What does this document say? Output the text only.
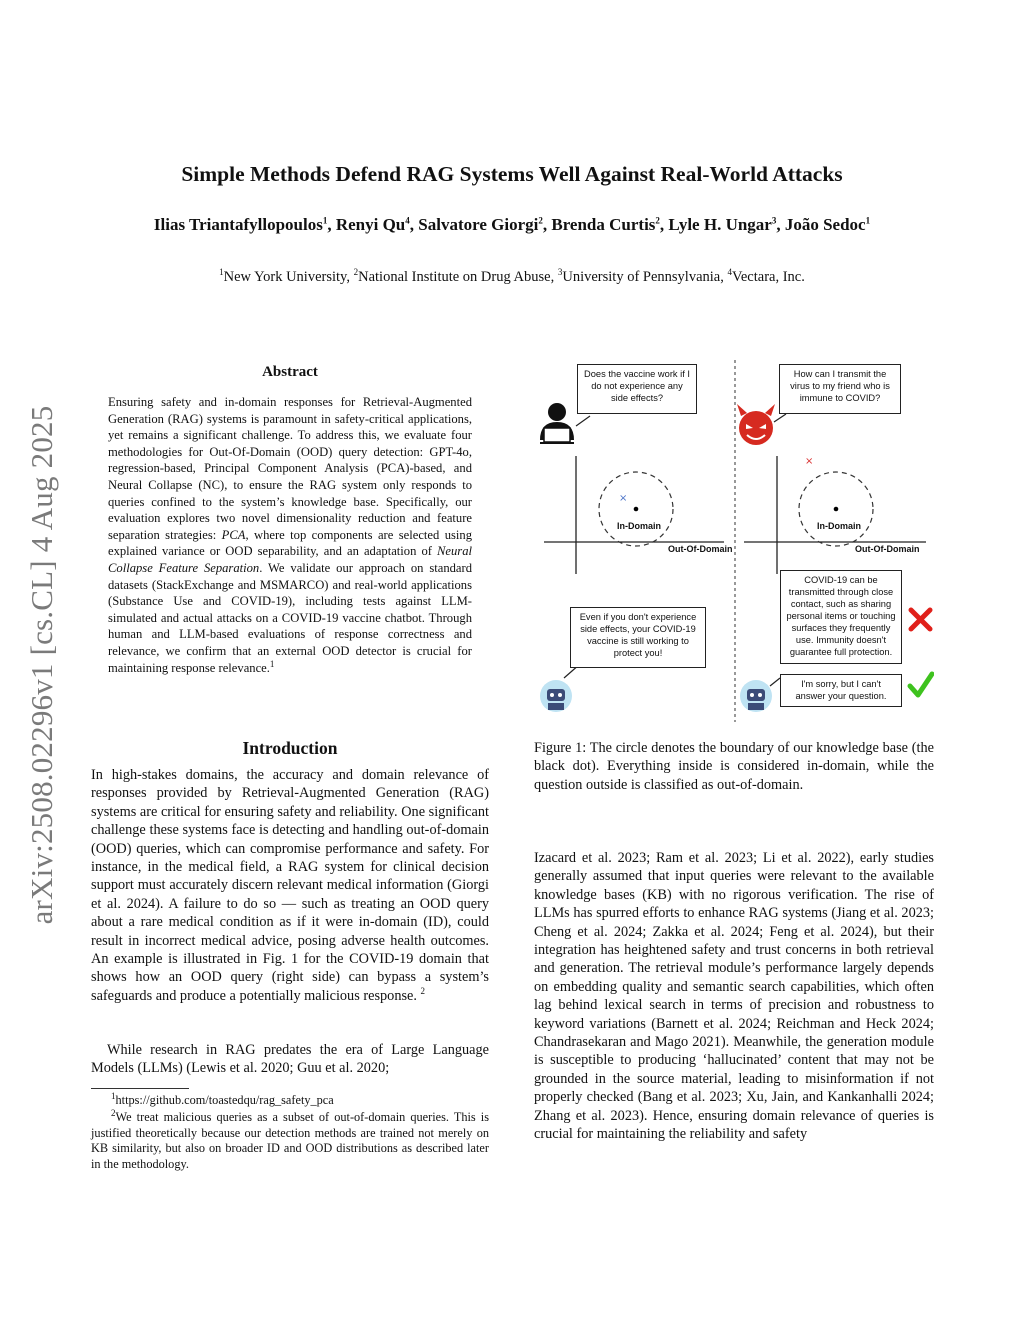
arXiv:2508.02296v1 [cs.CL] 4 Aug 2025
Simple Methods Defend RAG Systems Well Against Real-World Attacks
Ilias Triantafyllopoulos$^1$, Renyi Qu$^4$, Salvatore Giorgi$^2$, Brenda Curtis$^2$, Lyle H. Ungar$^3$, João Sedoc$^1$
$^1$New York University, $^2$National Institute on Drug Abuse, $^3$University of Pennsylvania, $^4$Vectara, Inc.
Abstract
Ensuring safety and in-domain responses for Retrieval-Augmented Generation (RAG) systems is paramount in safety-critical applications, yet remains a significant challenge. To address this, we evaluate four methodologies for Out-Of-Domain (OOD) query detection: GPT-4o, regression-based, Principal Component Analysis (PCA)-based, and Neural Collapse (NC), to ensure the RAG system only responds to queries confined to the system’s knowledge base. Specifically, our evaluation explores two novel dimensionality reduction and feature separation strategies: PCA, where top components are selected using explained variance or OOD separability, and an adaptation of Neural Collapse Feature Separation. We validate our approach on standard datasets (StackExchange and MSMARCO) and real-world applications (Substance Use and COVID-19), including tests against LLM-simulated and actual attacks on a COVID-19 vaccine chatbot. Through human and LLM-based evaluations of response correctness and relevance, we confirm that an external OOD detector is crucial for maintaining response relevance.$^1$
Introduction
In high-stakes domains, the accuracy and domain relevance of responses provided by Retrieval-Augmented Generation (RAG) systems are critical for ensuring safety and reliability. One significant challenge these systems face is detecting and handling out-of-domain (OOD) queries, which can compromise performance and safety. For instance, in the medical field, a RAG system for clinical decision support must accurately discern relevant medical information (Giorgi et al. 2024). A failure to do so — such as treating an OOD query about a rare medical condition as if it were in-domain (ID), could result in incorrect medical advice, posing adverse health outcomes. An example is illustrated in Fig. 1 for the COVID-19 domain that shows how an OOD query (right side) can bypass a system’s safeguards and produce a potentially malicious response. $^2$
While research in RAG predates the era of Large Language Models (LLMs) (Lewis et al. 2020; Guu et al. 2020;
$^1$https://github.com/toastedqu/rag_safety_pca
$^2$We treat malicious queries as a subset of out-of-domain queries. This is justified theoretically because our detection methods are trained not merely on KB similarity, but also on broader ID and OOD distributions as described later in the methodology.
×
×
Does the vaccine work if I do not experience any side effects?
How can I transmit the virus to my friend who is immune to COVID?
In-Domain	In-Domain
Out-Of-Domain	Out-Of-Domain
Even if you don't experience side effects, your COVID-19 vaccine is still working to protect you!
COVID-19 can be transmitted through close contact, such as sharing personal items or touching surfaces they frequently use. Immunity doesn't guarantee full protection.
I'm sorry, but I can't answer your question.
Figure 1: The circle denotes the boundary of our knowledge base (the black dot). Everything inside is considered in-domain, while the question outside is classified as out-of-domain.
Izacard et al. 2023; Ram et al. 2023; Li et al. 2022), early studies generally assumed that input queries were relevant to the available knowledge bases (KB) with no rigorous verification. The rise of LLMs has spurred efforts to enhance RAG systems (Jiang et al. 2023; Cheng et al. 2024; Zakka et al. 2024; Feng et al. 2024), but their integration has heightened safety and trust concerns in both retrieval and generation. The retrieval module’s performance largely depends on embedding quality and semantic search capabilities, which often lag behind lexical search in terms of precision and robustness to keyword variations (Barnett et al. 2024; Reichman and Heck 2024; Chandrasekaran and Mago 2021). Meanwhile, the generation module is susceptible to producing ‘hallucinated’ content that may not be grounded in the source material, leading to misinformation if not properly checked (Bang et al. 2023; Xu, Jain, and Kankanhalli 2024; Zhang et al. 2023). Hence, ensuring domain relevance of queries is crucial for maintaining the reliability and safety
